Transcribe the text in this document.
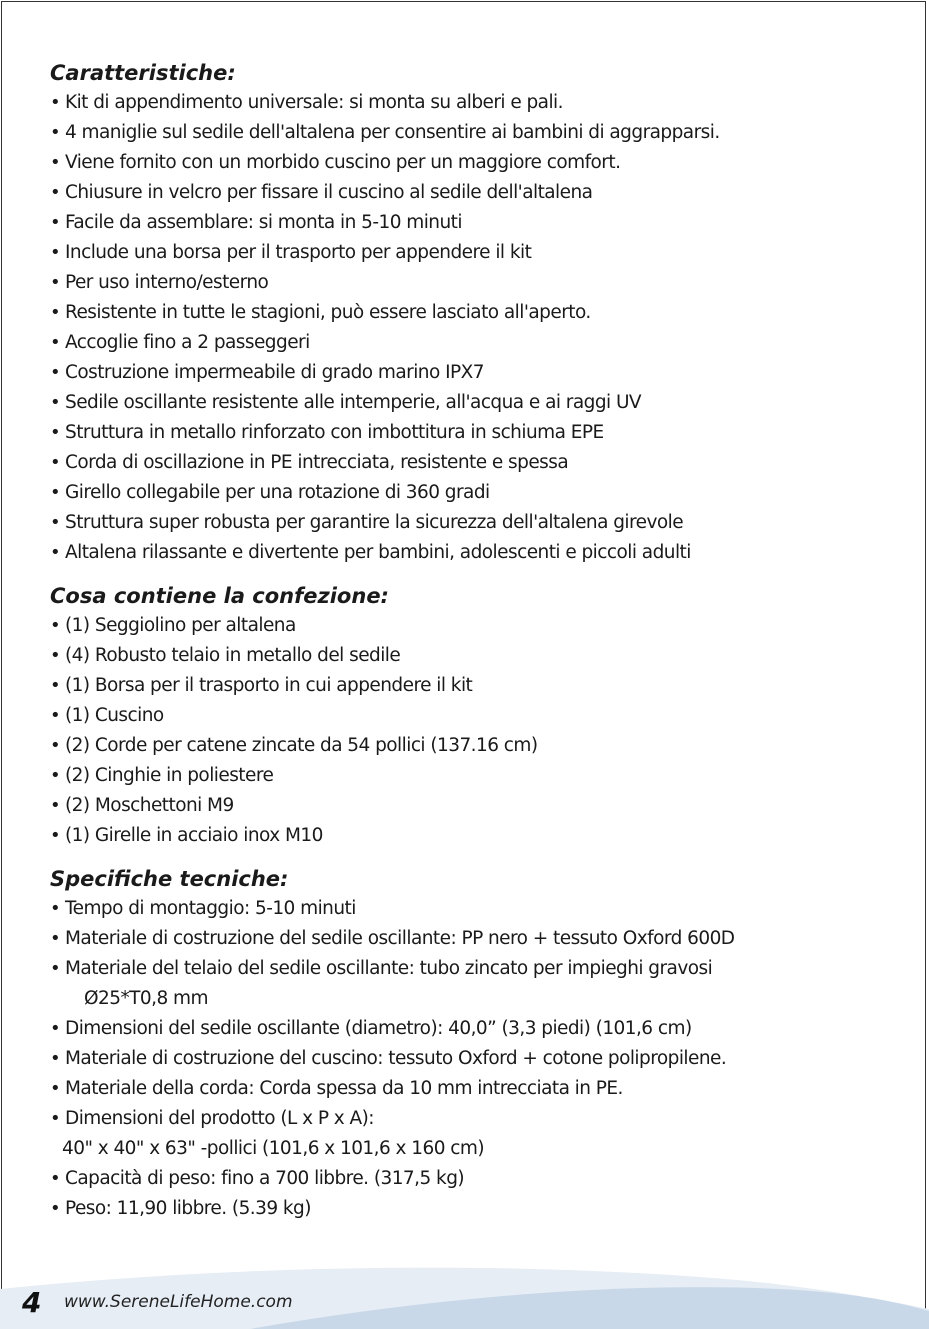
Caratteristiche:
• Kit di appendimento universale: si monta su alberi e pali.
• 4 maniglie sul sedile dell'altalena per consentire ai bambini di aggrapparsi.
• Viene fornito con un morbido cuscino per un maggiore comfort.
• Chiusure in velcro per fissare il cuscino al sedile dell'altalena
• Facile da assemblare: si monta in 5-10 minuti
• Include una borsa per il trasporto per appendere il kit
• Per uso interno/esterno
• Resistente in tutte le stagioni, può essere lasciato all'aperto.
• Accoglie fino a 2 passeggeri
• Costruzione impermeabile di grado marino IPX7
• Sedile oscillante resistente alle intemperie, all'acqua e ai raggi UV
• Struttura in metallo rinforzato con imbottitura in schiuma EPE
• Corda di oscillazione in PE intrecciata, resistente e spessa
• Girello collegabile per una rotazione di 360 gradi
• Struttura super robusta per garantire la sicurezza dell'altalena girevole
• Altalena rilassante e divertente per bambini, adolescenti e piccoli adulti
Cosa contiene la confezione:
• (1) Seggiolino per altalena
• (4) Robusto telaio in metallo del sedile
• (1) Borsa per il trasporto in cui appendere il kit
• (1) Cuscino
• (2) Corde per catene zincate da 54 pollici (137.16 cm)
• (2) Cinghie in poliestere
• (2) Moschettoni M9
• (1) Girelle in acciaio inox M10
Specifiche tecniche:
• Tempo di montaggio: 5-10 minuti
• Materiale di costruzione del sedile oscillante: PP nero + tessuto Oxford 600D
• Materiale del telaio del sedile oscillante: tubo zincato per impieghi gravosi
Ø25*T0,8 mm
• Dimensioni del sedile oscillante (diametro): 40,0” (3,3 piedi) (101,6 cm)
• Materiale di costruzione del cuscino: tessuto Oxford + cotone polipropilene.
• Materiale della corda: Corda spessa da 10 mm intrecciata in PE.
• Dimensioni del prodotto (L x P x A):
40" x 40" x 63" -pollici (101,6 x 101,6 x 160 cm)
• Capacità di peso: fino a 700 libbre. (317,5 kg)
• Peso: 11,90 libbre. (5.39 kg)
4 www.SereneLifeHome.com
